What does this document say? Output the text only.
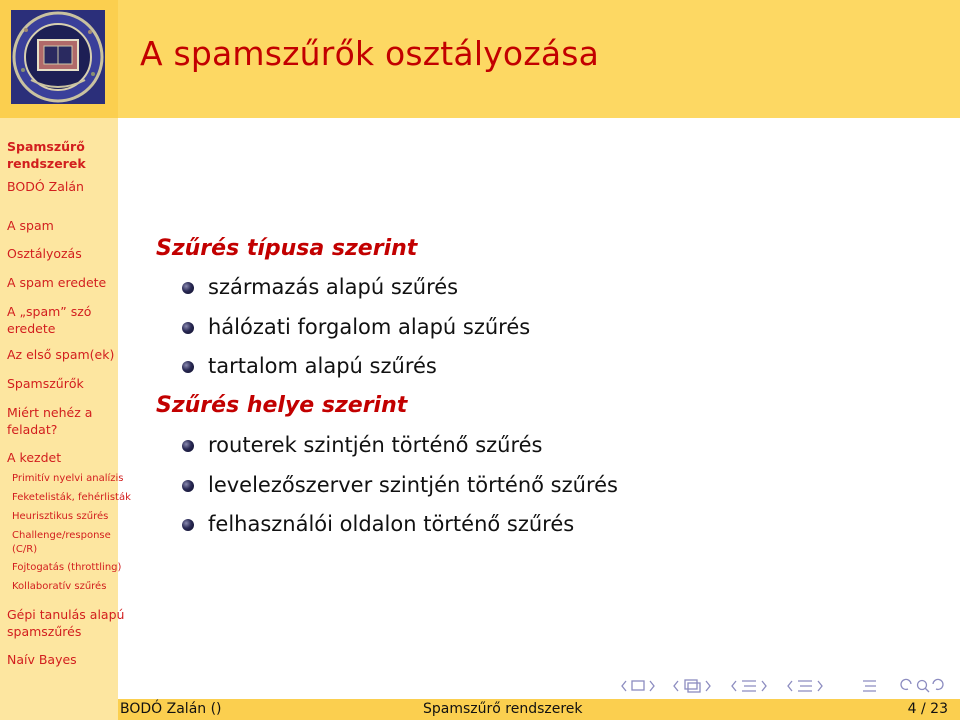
A spamszűrők osztályozása
Spamszűrő
rendszerek
BODÓ Zalán
A spam
Osztályozás
A spam eredete
A „spam” szó
eredete
Az első spam(ek)
Spamszűrők
Miért nehéz a
feladat?
A kezdet
Primitív nyelvi analízis
Feketelisták, fehérlisták
Heurisztikus szűrés
Challenge/response
(C/R)
Fojtogatás (throttling)
Kollaboratív szűrés
Gépi tanulás alapú
spamszűrés
Naív Bayes
Szűrés típusa szerint
származás alapú szűrés
hálózati forgalom alapú szűrés
tartalom alapú szűrés
Szűrés helye szerint
routerek szintjén történő szűrés
levelezőszerver szintjén történő szűrés
felhasználói oldalon történő szűrés
BODÓ Zalán ()	Spamszűrő rendszerek	4 / 23
